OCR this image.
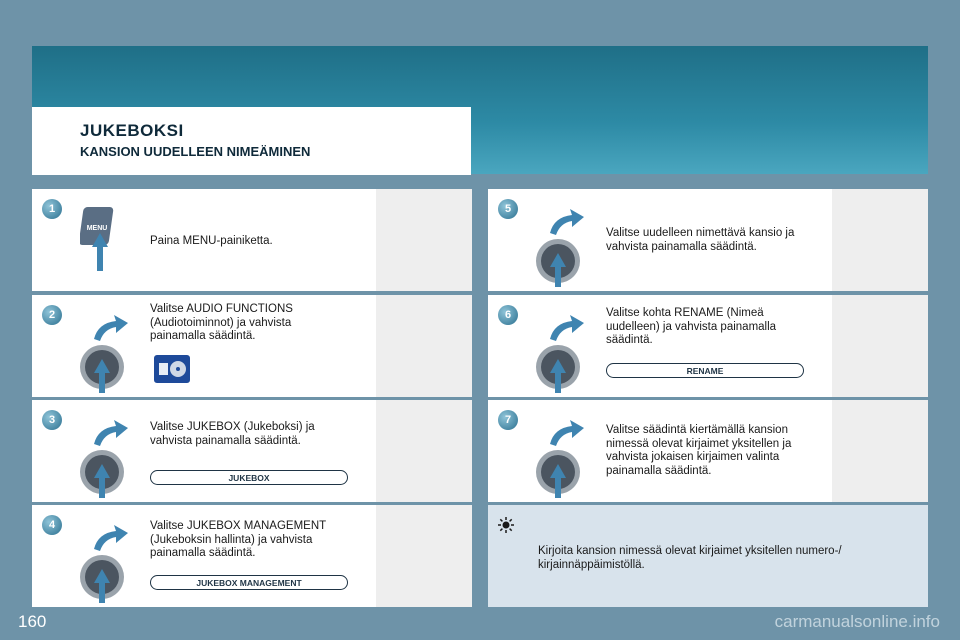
JUKEBOKSI
KANSION UUDELLEEN NIMEÄMINEN
1
MENU
Paina MENU-painiketta.
2	Valitse AUDIO FUNCTIONS (Audiotoiminnot) ja vahvista painamalla säädintä.
3
Valitse JUKEBOX (Jukeboksi) ja vahvista painamalla säädintä.
JUKEBOX
4	Valitse JUKEBOX MANAGEMENT (Jukeboksin hallinta) ja vahvista painamalla säädintä.
JUKEBOX MANAGEMENT
5
Valitse uudelleen nimettävä kansio ja vahvista painamalla säädintä.
6	Valitse kohta RENAME (Nimeä uudelleen) ja vahvista painamalla säädintä.
RENAME
7
Valitse säädintä kiertämällä kansion nimessä olevat kirjaimet yksitellen ja vahvista jokaisen kirjaimen valinta painamalla säädintä.
Kirjoita kansion nimessä olevat kirjaimet yksitellen numero-/ kirjainnäppäimistöllä.
160	carmanualsonline.info
